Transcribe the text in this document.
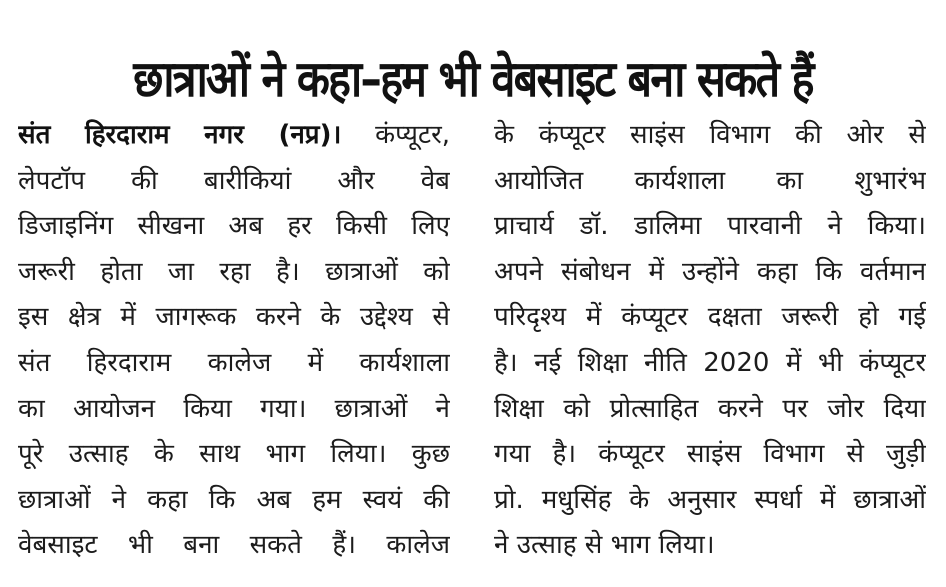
छात्राओं ने कहा–हम भी वेबसाइट बना सकते हैं
संत हिरदाराम नगर (नप्र)। कंप्यूटर,
लेपटॉप की बारीकियां और वेब
डिजाइनिंग सीखना अब हर किसी लिए
जरूरी होता जा रहा है। छात्राओं को
इस क्षेत्र में जागरूक करने के उद्देश्य से
संत हिरदाराम कालेज में कार्यशाला
का आयोजन किया गया। छात्राओं ने
पूरे उत्साह के साथ भाग लिया। कुछ
छात्राओं ने कहा कि अब हम स्वयं की
वेबसाइट भी बना सकते हैं। कालेज
के कंप्यूटर साइंस विभाग की ओर से
आयोजित कार्यशाला का शुभारंभ
प्राचार्य डॉ. डालिमा पारवानी ने किया।
अपने संबोधन में उन्होंने कहा कि वर्तमान
परिदृश्य में कंप्यूटर दक्षता जरूरी हो गई
है। नई शिक्षा नीति 2020 में भी कंप्यूटर
शिक्षा को प्रोत्साहित करने पर जोर दिया
गया है। कंप्यूटर साइंस विभाग से जुड़ी
प्रो. मधुसिंह के अनुसार स्पर्धा में छात्राओं
ने उत्साह से भाग लिया।
